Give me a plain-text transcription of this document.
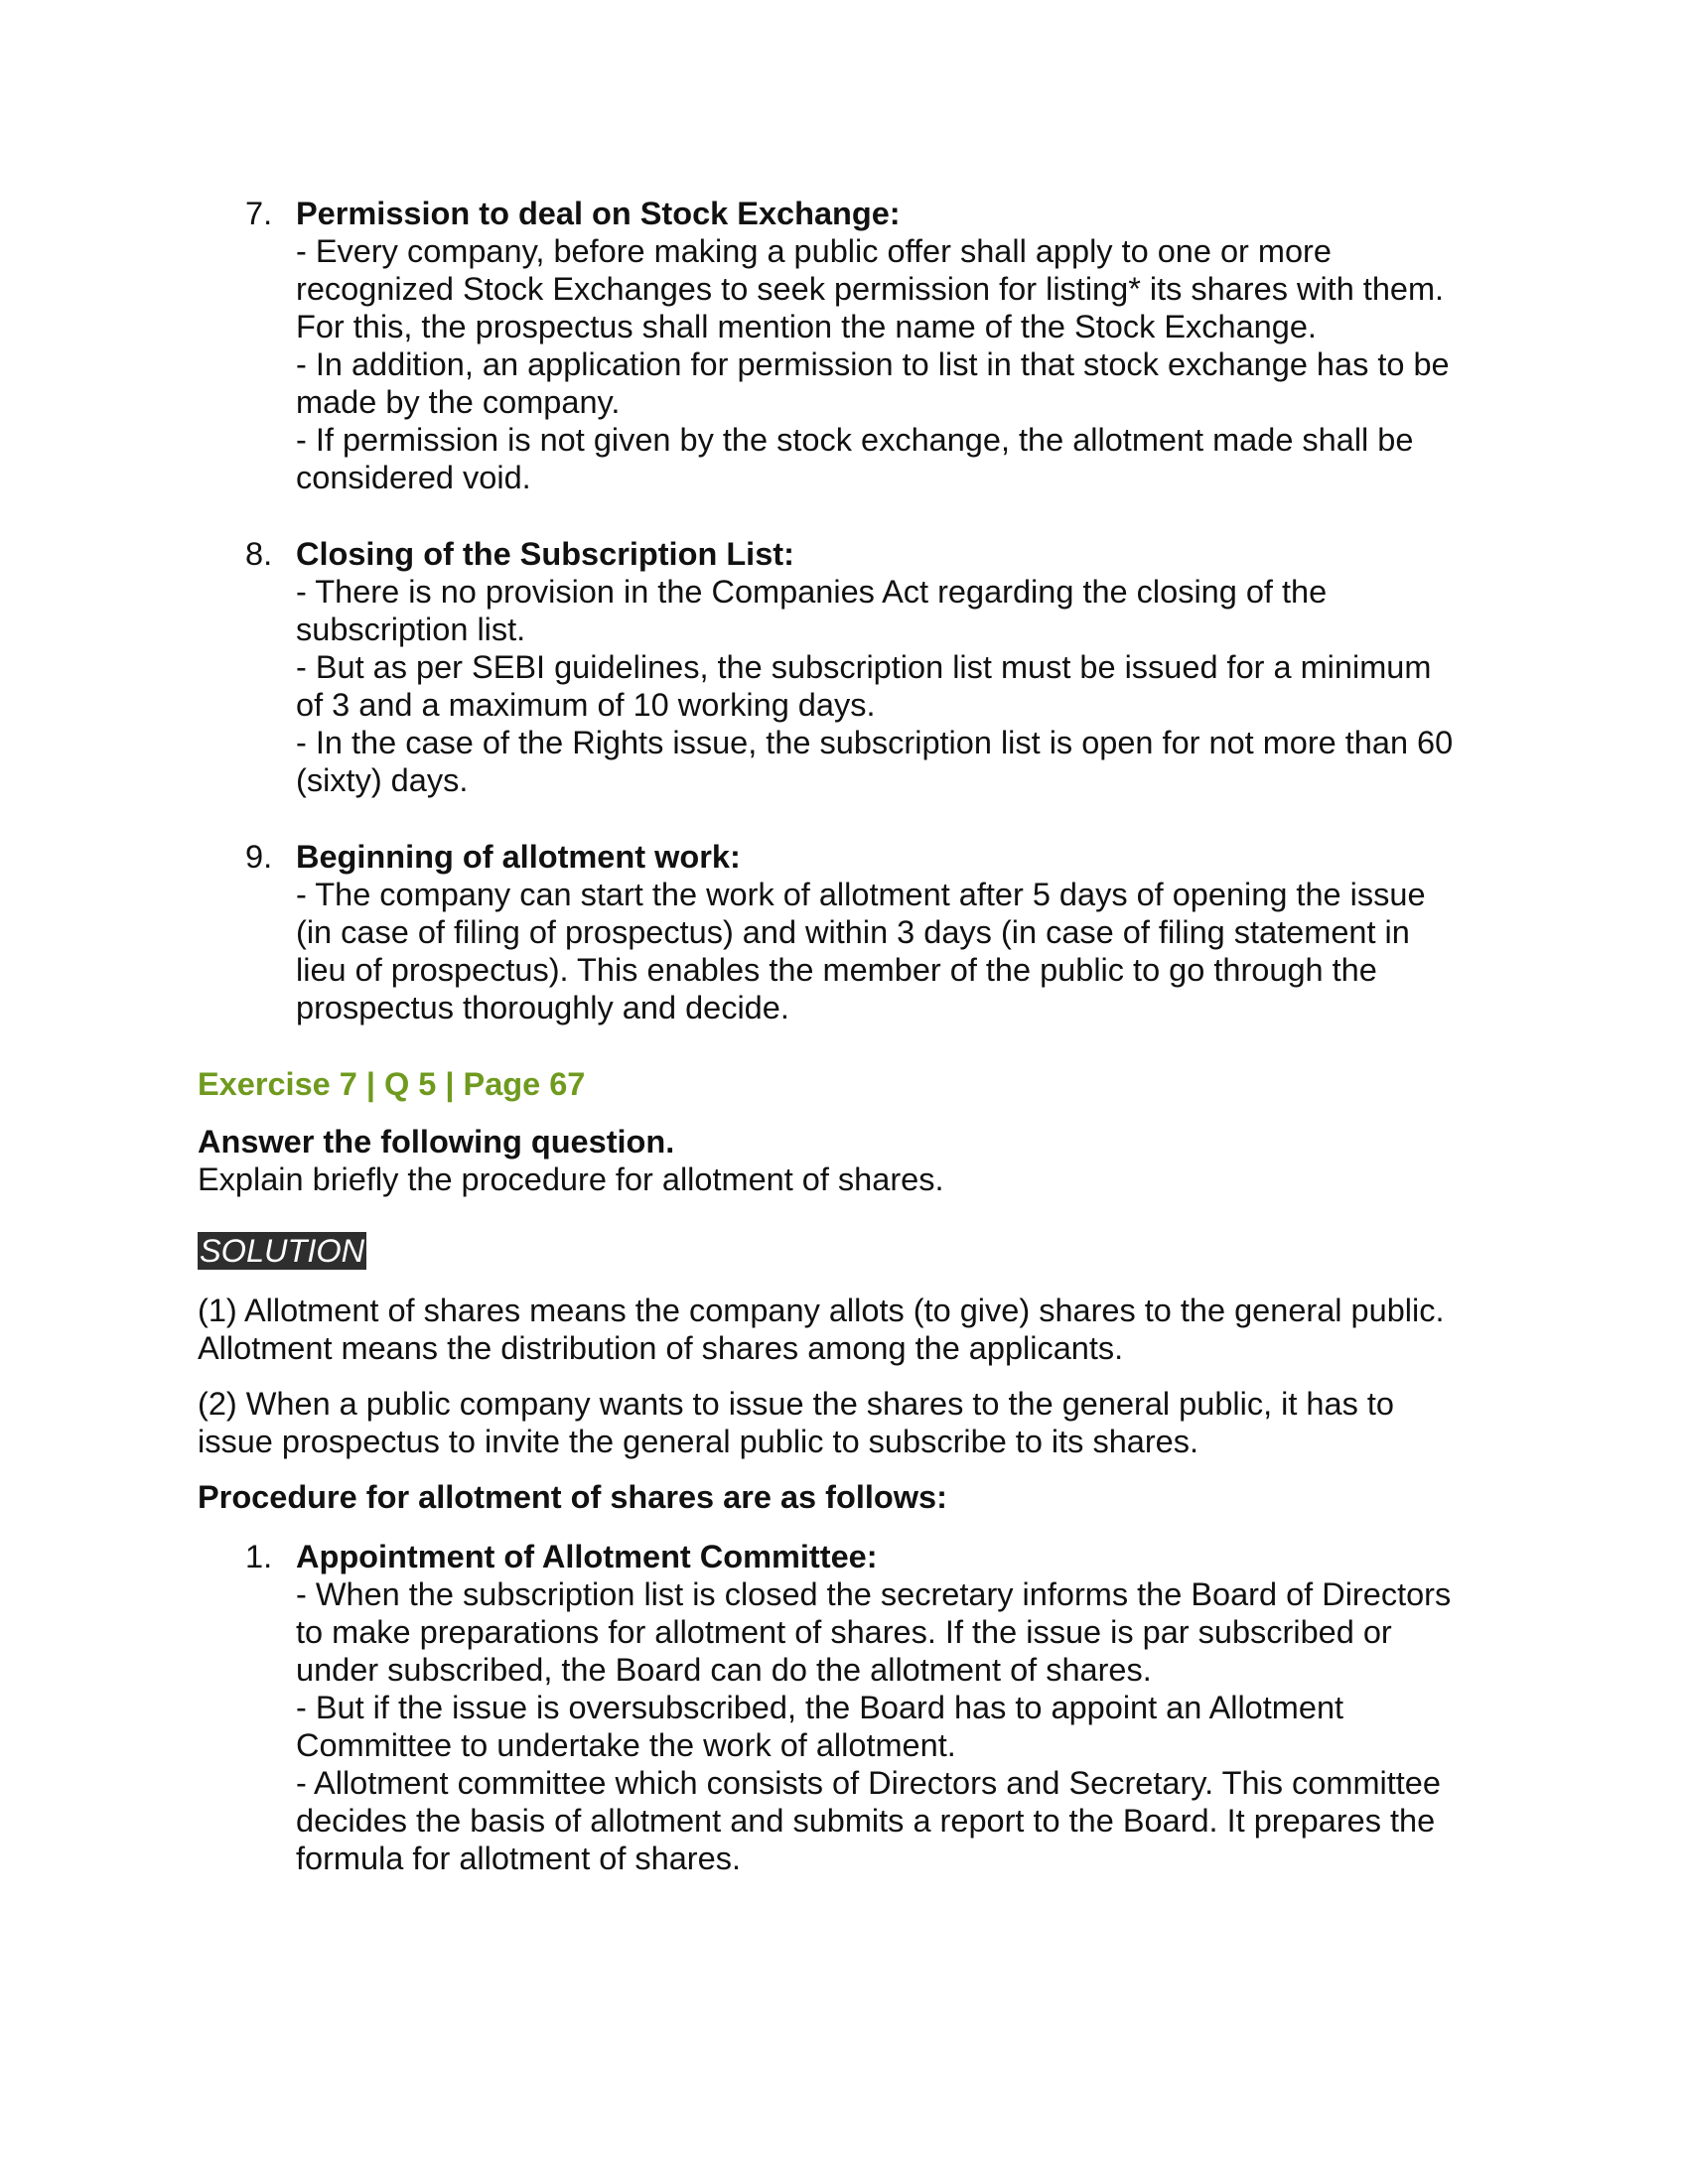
7. Permission to deal on Stock Exchange:
- Every company, before making a public offer shall apply to one or more
recognized Stock Exchanges to seek permission for listing* its shares with them.
For this, the prospectus shall mention the name of the Stock Exchange.
- In addition, an application for permission to list in that stock exchange has to be
made by the company.
- If permission is not given by the stock exchange, the allotment made shall be
considered void.
8. Closing of the Subscription List:
- There is no provision in the Companies Act regarding the closing of the
subscription list.
- But as per SEBI guidelines, the subscription list must be issued for a minimum
of 3 and a maximum of 10 working days.
- In the case of the Rights issue, the subscription list is open for not more than 60
(sixty) days.
9. Beginning of allotment work:
- The company can start the work of allotment after 5 days of opening the issue
(in case of filing of prospectus) and within 3 days (in case of filing statement in
lieu of prospectus). This enables the member of the public to go through the
prospectus thoroughly and decide.
Exercise 7 | Q 5 | Page 67
Answer the following question.
Explain briefly the procedure for allotment of shares.
SOLUTION
(1) Allotment of shares means the company allots (to give) shares to the general public.
Allotment means the distribution of shares among the applicants.
(2) When a public company wants to issue the shares to the general public, it has to
issue prospectus to invite the general public to subscribe to its shares.
Procedure for allotment of shares are as follows:
1. Appointment of Allotment Committee:
- When the subscription list is closed the secretary informs the Board of Directors
to make preparations for allotment of shares. If the issue is par subscribed or
under subscribed, the Board can do the allotment of shares.
- But if the issue is oversubscribed, the Board has to appoint an Allotment
Committee to undertake the work of allotment.
- Allotment committee which consists of Directors and Secretary. This committee
decides the basis of allotment and submits a report to the Board. It prepares the
formula for allotment of shares.
